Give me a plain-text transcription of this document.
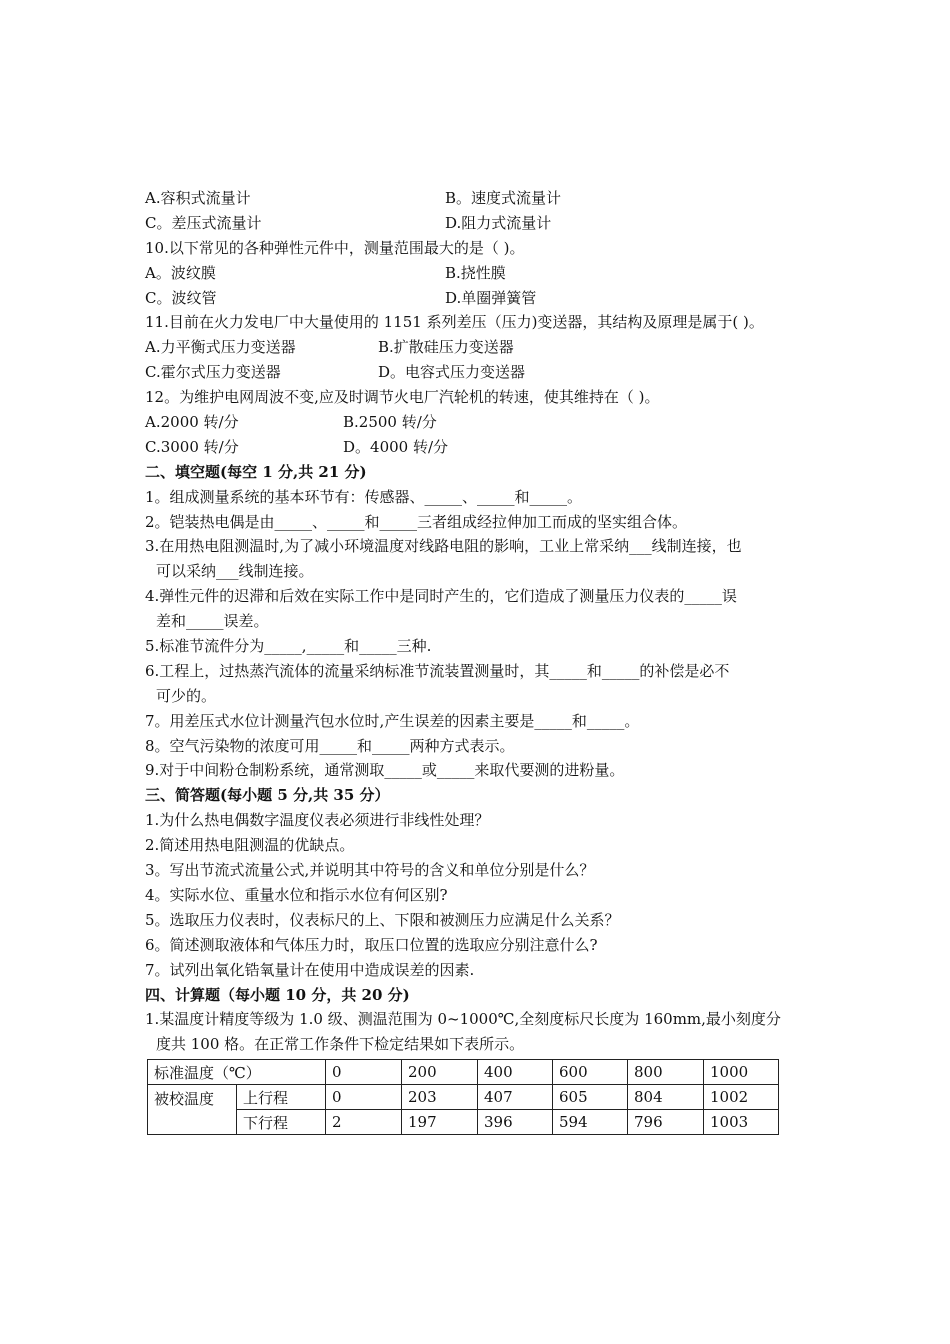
A.容积式流量计	B。速度式流量计
C。差压式流量计	D.阻力式流量计
10.以下常见的各种弹性元件中，测量范围最大的是（ )。
A。波纹膜	B.挠性膜
C。波纹管	D.单圈弹簧管
11.目前在火力发电厂中大量使用的 1151 系列差压（压力)变送器，其结构及原理是属于( )。
A.力平衡式压力变送器	B.扩散硅压力变送器
C.霍尔式压力变送器	D。电容式压力变送器
12。为维护电网周波不变,应及时调节火电厂汽轮机的转速，使其维持在（ )。
A.2000 转/分	B.2500 转/分
C.3000 转/分	D。4000 转/分
二、填空题(每空 1 分,共 21 分)
1。组成测量系统的基本环节有：传感器、_____、_____和_____。
2。铠装热电偶是由_____、_____和_____三者组成经拉伸加工而成的坚实组合体。
3.在用热电阻测温时,为了减小环境温度对线路电阻的影响，工业上常采纳___线制连接，也
可以采纳___线制连接。
4.弹性元件的迟滞和后效在实际工作中是同时产生的，它们造成了测量压力仪表的_____误
差和_____误差。
5.标准节流件分为_____,_____和_____三种.
6.工程上，过热蒸汽流体的流量采纳标准节流装置测量时，其_____和_____的补偿是必不
可少的。
7。用差压式水位计测量汽包水位时,产生误差的因素主要是_____和_____。
8。空气污染物的浓度可用_____和_____两种方式表示。
9.对于中间粉仓制粉系统，通常测取_____或_____来取代要测的进粉量。
三、简答题(每小题 5 分,共 35 分）
1.为什么热电偶数字温度仪表必须进行非线性处理？
2.简述用热电阻测温的优缺点。
3。写出节流式流量公式,并说明其中符号的含义和单位分别是什么？
4。实际水位、重量水位和指示水位有何区别?
5。选取压力仪表时，仪表标尺的上、下限和被测压力应满足什么关系？
6。简述测取液体和气体压力时，取压口位置的选取应分别注意什么?
7。试列出氧化锆氧量计在使用中造成误差的因素.
四、计算题（每小题 10 分，共 20 分)
1.某温度计精度等级为 1.0 级、测温范围为 0~1000℃,全刻度标尺长度为 160mm,最小刻度分
度共 100 格。在正常工作条件下检定结果如下表所示。
标准温度（℃）		0	200	400	600	800	1000
被校温度	上行程	0	203	407	605	804	1002
	下行程	2	197	396	594	796	1003
